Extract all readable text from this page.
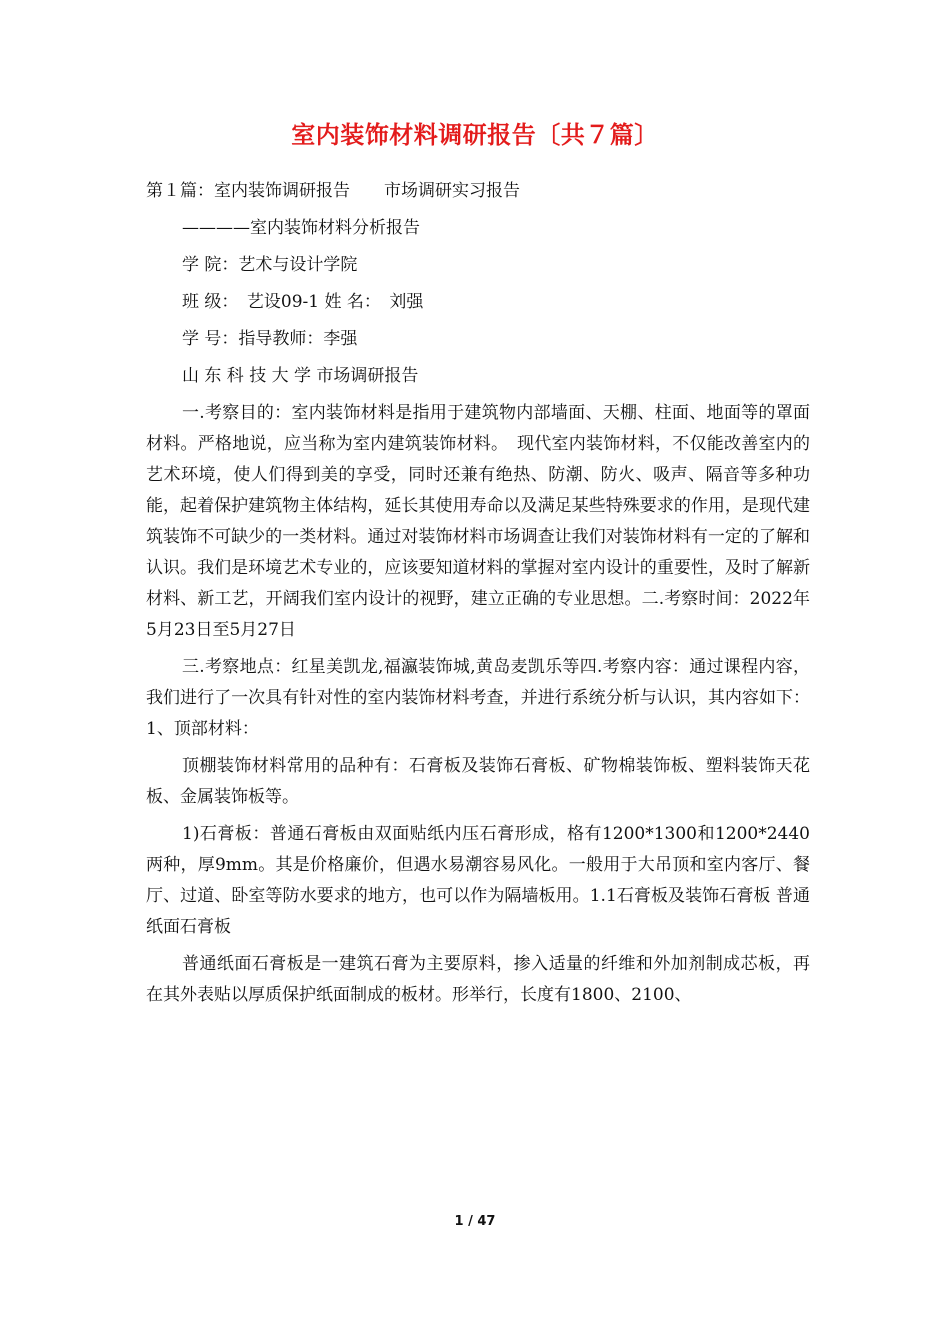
室内装饰材料调研报告〔共７篇〕

第１篇：室内装饰调研报告　　市场调研实习报告

————室内装饰材料分析报告

学 院：艺术与设计学院

班 级：　艺设09-1 姓 名：　刘强

学 号：指导教师：李强

山 东 科 技 大 学 市场调研报告

一.考察目的：室内装饰材料是指用于建筑物内部墙面、天棚、柱面、地面等的罩面材料。严格地说，应当称为室内建筑装饰材料。　现代室内装饰材料，不仅能改善室内的艺术环境，使人们得到美的享受，同时还兼有绝热、防潮、防火、吸声、隔音等多种功能，起着保护建筑物主体结构，延长其使用寿命以及满足某些特殊要求的作用，是现代建筑装饰不可缺少的一类材料。通过对装饰材料市场调查让我们对装饰材料有一定的了解和认识。我们是环境艺术专业的，应该要知道材料的掌握对室内设计的重要性，及时了解新材料、新工艺，开阔我们室内设计的视野，建立正确的专业思想。二.考察时间：2022年5月23日至5月27日

三.考察地点：红星美凯龙,福瀛装饰城,黄岛麦凯乐等四.考察内容：通过课程内容，我们进行了一次具有针对性的室内装饰材料考查，并进行系统分析与认识，其内容如下：1、顶部材料：

顶棚装饰材料常用的品种有：石膏板及装饰石膏板、矿物棉装饰板、塑料装饰天花板、金属装饰板等。

1)石膏板：普通石膏板由双面贴纸内压石膏形成，格有1200*1300和1200*2440两种，厚9mm。其是价格廉价，但遇水易潮容易风化。一般用于大吊顶和室内客厅、餐厅、过道、卧室等防水要求的地方，也可以作为隔墙板用。1.1石膏板及装饰石膏板 普通纸面石膏板

普通纸面石膏板是一建筑石膏为主要原料，掺入适量的纤维和外加剂制成芯板，再在其外表贴以厚质保护纸面制成的板材。形举行，长度有1800、2100、

1 / 47
